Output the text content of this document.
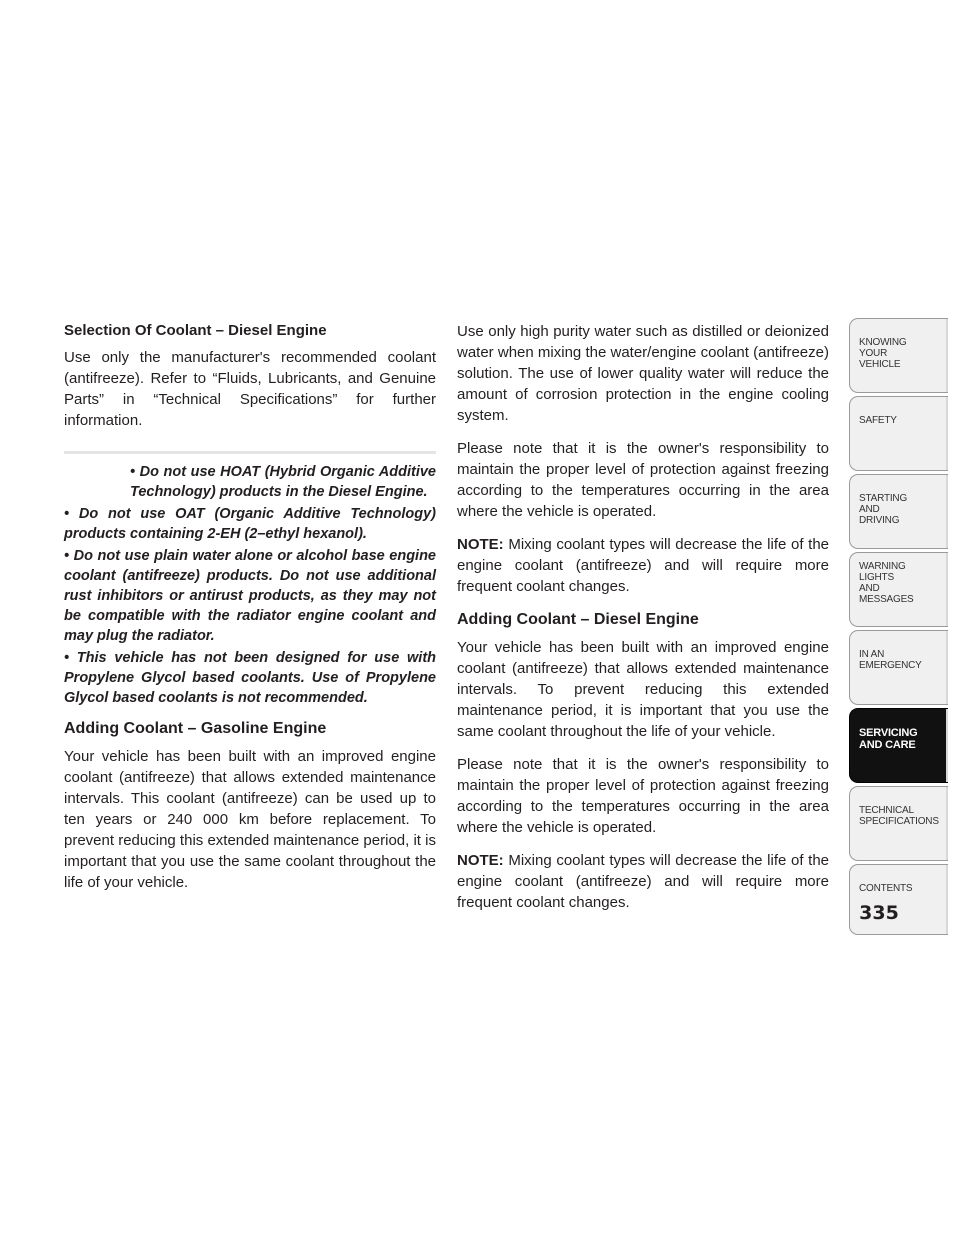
Selection Of Coolant – Diesel Engine

Use only the manufacturer's recommended coolant (antifreeze). Refer to “Fluids, Lubricants, and Genuine Parts” in “Technical Specifications” for further information.

• Do not use HOAT (Hybrid Organic Additive Technology) products in the Diesel Engine.
• Do not use OAT (Organic Additive Technology) products containing 2-EH (2–ethyl hexanol).
• Do not use plain water alone or alcohol base engine coolant (antifreeze) products. Do not use additional rust inhibitors or antirust products, as they may not be compatible with the radiator engine coolant and may plug the radiator.
• This vehicle has not been designed for use with Propylene Glycol based coolants. Use of Propylene Glycol based coolants is not recommended.
Adding Coolant – Gasoline Engine

Your vehicle has been built with an improved engine coolant (antifreeze) that allows extended maintenance intervals. This coolant (antifreeze) can be used up to ten years or 240 000 km before replacement. To prevent reducing this extended maintenance period, it is important that you use the same coolant throughout the life of your vehicle.

Use only high purity water such as distilled or deionized water when mixing the water/engine coolant (antifreeze) solution. The use of lower quality water will reduce the amount of corrosion protection in the engine cooling system.

Please note that it is the owner's responsibility to maintain the proper level of protection against freezing according to the temperatures occurring in the area where the vehicle is operated.

NOTE: Mixing coolant types will decrease the life of the engine coolant (antifreeze) and will require more frequent coolant changes.

Adding Coolant – Diesel Engine

Your vehicle has been built with an improved engine coolant (antifreeze) that allows extended maintenance intervals. To prevent reducing this extended maintenance period, it is important that you use the same coolant throughout the life of your vehicle.

Please note that it is the owner's responsibility to maintain the proper level of protection against freezing according to the temperatures occurring in the area where the vehicle is operated.

NOTE: Mixing coolant types will decrease the life of the engine coolant (antifreeze) and will require more frequent coolant changes.

KNOWING
YOUR
VEHICLE
SAFETY
STARTING
AND
DRIVING
WARNING
LIGHTS
AND
MESSAGES
IN AN
EMERGENCY
SERVICING
AND CARE
TECHNICAL
SPECIFICATIONS
CONTENTS
335
